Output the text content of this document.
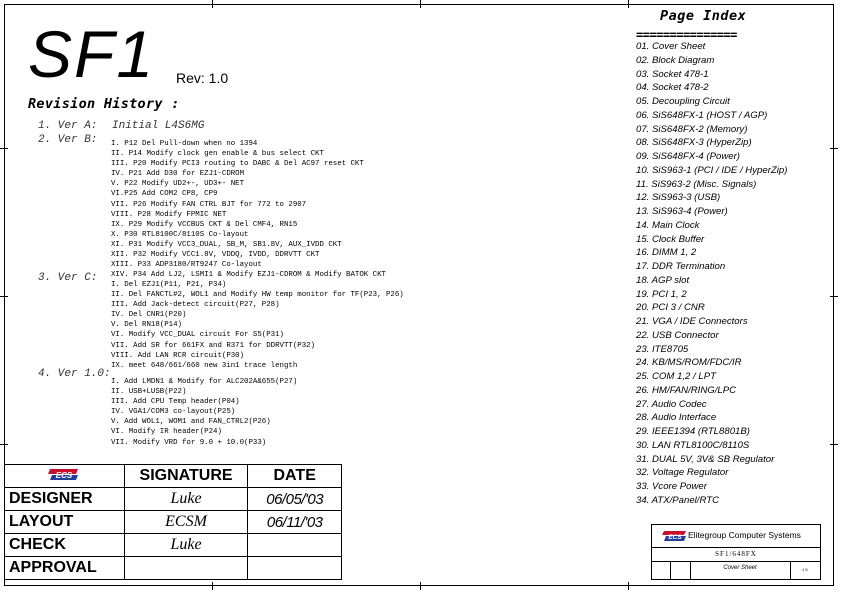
SF1 Rev: 1.0
Revision History :
1. Ver A: Initial L4S6MG
2. Ver B: I. P12 Del Pull-down when no 1394
II. P14 Modify clock gen enable & bus select CKT
III. P20 Modify PCI3 routing to DABC & Del AC97 reset CKT
IV. P21 Add D30 for EZJ1-CDROM
V. P22 Modify UD2+-, UD3+- NET
VI.P25 Add COM2 CP8, CP9
VII. P26 Modify FAN CTRL BJT for 772 to 2907
VIII. P28 Modify FPMIC NET
IX. P29 Modify VCCBUS CKT & Del CMF4, RN15
X. P30 RTL8100C/8110S Co-layout
XI. P31 Modify VCC3_DUAL, SB_M, SB1.8V, AUX_IVDD CKT
XII. P32 Modify VCC1.8V, VDDQ, IVDD, DDRVTT CKT
XIII. P33 ADP3180/RT9247 Co-layout
XIV. P34 Add LJ2, LSMI1 & Modify EZJ1-CDROM & Modify BATOK CKT
3. Ver C:
I. Del EZJ1(P11, P21, P34)
II. Del FANCTL#2, WOL1 and Modify HW temp monitor for TF(P23, P26)
III. Add Jack-detect circuit(P27, P28)
IV. Del CNR1(P20)
V. Del RN18(P14)
VI. Modify VCC_DUAL circuit For S5(P31)
VII. Add SR for 661FX and R371 for DDRVTT(P32)
VIII. Add LAN RCR circuit(P30)
IX. meet 648/661/660 new 3in1 trace length
4. Ver 1.0:
I. Add LMDN1 & Modify for ALC202A&655(P27)
II. USB+LUSB(P22)
III. Add CPU Temp header(P04)
IV. VGA1/COM3 co-layout(P25)
V. Add WOL1, WOM1 and FAN_CTRL2(P26)
VI. Modify IR header(P24)
VII. Modify VRD for 9.0 + 10.0(P33)
Page Index
===============
01. Cover Sheet
02. Block Diagram
03. Socket 478-1
04. Socket 478-2
05. Decoupling Circuit
06. SiS648FX-1 (HOST / AGP)
07. SiS648FX-2 (Memory)
08. SiS648FX-3 (HyperZip)
09. SiS648FX-4 (Power)
10. SiS963-1 (PCI / IDE / HyperZip)
11. SiS963-2 (Misc. Signals)
12. SiS963-3 (USB)
13. SiS963-4 (Power)
14. Main Clock
15. Clock Buffer
16. DIMM 1, 2
17. DDR Termination
18. AGP slot
19. PCI 1, 2
20. PCI 3 / CNR
21. VGA / IDE Connectors
22. USB Connector
23. ITE8705
24. KB/MS/ROM/FDC/IR
25. COM 1,2 / LPT
26. HM/FAN/RING/LPC
27. Audio Codec
28. Audio Interface
29. IEEE1394 (RTL8801B)
30. LAN RTL8100C/8110S
31. DUAL 5V, 3V& SB Regulator
32. Voltage Regulator
33. Vcore Power
34. ATX/Panel/RTC
ECS	SIGNATURE	DATE
DESIGNER	Luke	06/05/'03
LAYOUT	ECSM	06/11/'03
CHECK	Luke	
APPROVAL		
ECS Elitegroup Computer Systems
SF1/648FX
Cover Sheet	1 5
